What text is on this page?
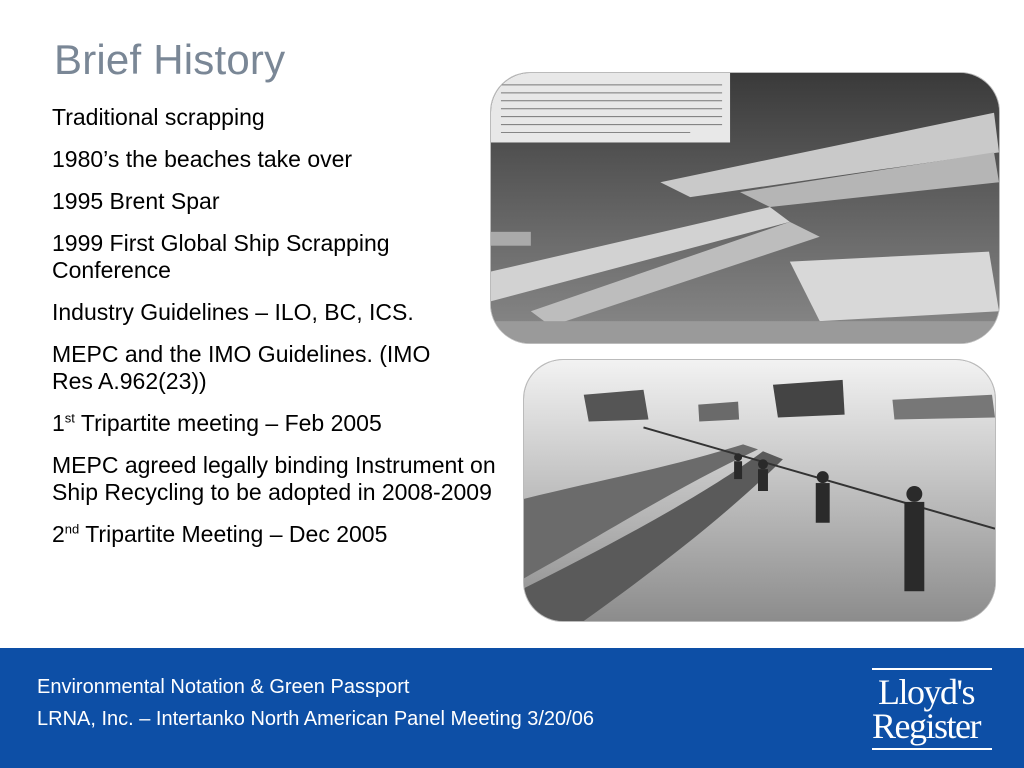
Brief History
Traditional scrapping
1980’s the beaches take over
1995 Brent Spar
1999 First Global Ship Scrapping Conference
Industry Guidelines – ILO, BC, ICS.
MEPC and the IMO Guidelines. (IMO Res A.962(23))
1st Tripartite meeting – Feb 2005
MEPC agreed legally binding Instrument on Ship Recycling to be adopted in 2008-2009
2nd Tripartite Meeting – Dec 2005
Environmental Notation & Green Passport
LRNA, Inc. – Intertanko North American Panel Meeting 3/20/06
Lloyd's
Register
